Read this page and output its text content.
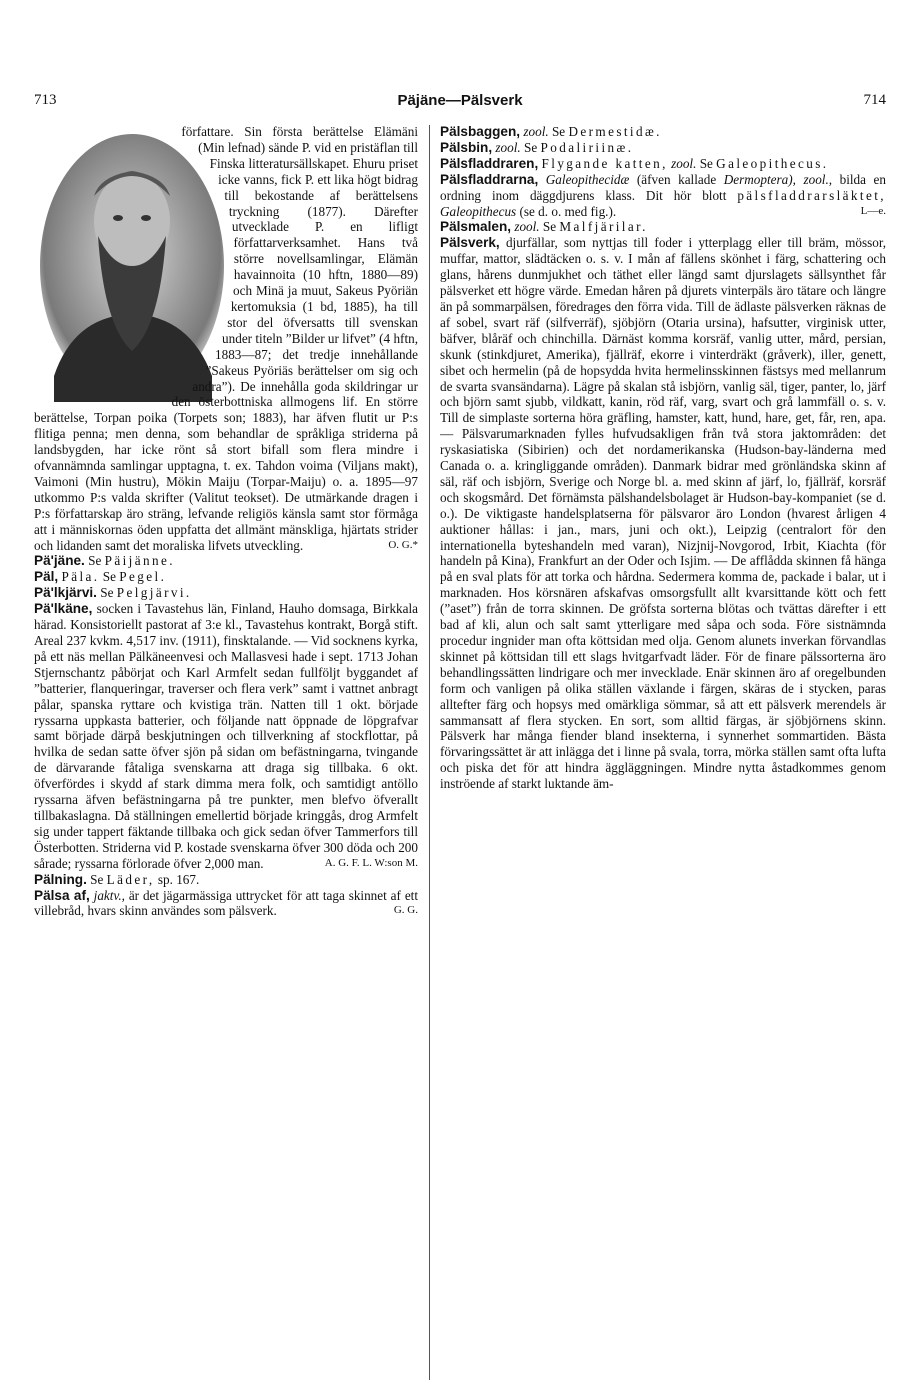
713	Päjäne—Pälsverk	714

författare. Sin första berättelse Elämäni (Min lefnad) sände P. vid en pristäflan till Finska litteratursällskapet. Ehuru priset icke vanns, fick P. ett lika högt bidrag till bekostande af berättelsens tryckning (1877). Därefter utvecklade P. en lifligt författarverksamhet. Hans två större novellsamlingar, Elämän havainnoita (10 hftn, 1880—89) och Minä ja muut, Sakeus Pyöriän kertomuksia (1 bd, 1885), ha till stor del öfversatts till svenskan under titeln ”Bilder ur lifvet” (4 hftn, 1883—87; det tredje innehållande ”Sakeus Pyöriäs berättelser om sig och andra”). De innehålla goda skildringar ur den österbottniska allmogens lif. En större berättelse, Torpan poika (Torpets son; 1883), har äfven flutit ur P:s flitiga penna; men denna, som behandlar de språkliga striderna på landsbygden, har icke rönt så stort bifall som flera mindre i ofvannämnda samlingar upptagna, t. ex. Tahdon voima (Viljans makt), Vaimoni (Min hustru), Mökin Maiju (Torpar-Maiju) o. a. 1895—97 utkommo P:s valda skrifter (Valitut teokset). De utmärkande dragen i P:s författarskap äro sträng, lefvande religiös känsla samt stor förmåga att i människornas öden uppfatta det allmänt mänskliga, hjärtats strider och lidanden samt det moraliska lifvets utveckling.	O. G.*

Pä'jäne. Se Päijänne.

Päl, Päla. Se Pegel.

Pä'lkjärvi. Se Pelgjärvi.

Pä'lkäne, socken i Tavastehus län, Finland, Hauho domsaga, Birkkala härad. Konsistoriellt pastorat af 3:e kl., Tavastehus kontrakt, Borgå stift. Areal 237 kvkm. 4,517 inv. (1911), finsktalande. — Vid socknens kyrka, på ett näs mellan Pälkäneenvesi och Mallasvesi hade i sept. 1713 Johan Stjernschantz påbörjat och Karl Armfelt sedan fullföljt byggandet af ”batterier, flanqueringar, traverser och flera verk” samt i vattnet anbragt pålar, spanska ryttare och kvistiga trän. Natten till 1 okt. började ryssarna uppkasta batterier, och följande natt öppnade de löpgrafvar samt började därpå beskjutningen och tillverkning af stockflottar, på hvilka de sedan satte öfver sjön på sidan om befästningarna, tvingande de därvarande fåtaliga svenskarna att draga sig tillbaka. 6 okt. öfverfördes i skydd af stark dimma mera folk, och samtidigt antöllo ryssarna äfven befästningarna på tre punkter, men blefvo öfverallt tillbakaslagna. Då ställningen emellertid började kringgås, drog Armfelt sig under tappert fäktande tillbaka och gick sedan öfver Tammerfors till Österbotten. Striderna vid P. kostade svenskarna öfver 300 döda och 200 sårade; ryssarna förlorade öfver 2,000 man.	A. G. F. L. W:son M.

Pälning. Se Läder, sp. 167.

Pälsa af, jaktv., är det jägarmässiga uttrycket för att taga skinnet af ett villebråd, hvars skinn användes som pälsverk.	G. G.

Pälsbaggen, zool. Se Dermestidæ.

Pälsbin, zool. Se Podaliriinæ.

Pälsfladdraren, Flygande katten, zool. Se Galeopithecus.

Pälsfladdrarna, Galeopithecidæ (äfven kallade Dermoptera), zool., bilda en ordning inom däggdjurens klass. Dit hör blott pälsfladdrarsläktet, Galeopithecus (se d. o. med fig.).	L—e.

Pälsmalen, zool. Se Malfjärilar.

Pälsverk, djurfällar, som nyttjas till foder i ytterplagg eller till bräm, mössor, muffar, mattor, slädtäcken o. s. v. I mån af fällens skönhet i färg, schattering och glans, hårens dunmjukhet och täthet eller längd samt djurslagets sällsynthet får pälsverket ett högre värde. Emedan håren på djurets vinterpäls äro tätare och längre än på sommarpälsen, föredrages den förra vida. Till de ädlaste pälsverken räknas de af sobel, svart räf (silfverräf), sjöbjörn (Otaria ursina), hafsutter, virginisk utter, bäfver, blåräf och chinchilla. Därnäst komma korsräf, vanlig utter, mård, persian, skunk (stinkdjuret, Amerika), fjällräf, ekorre i vinterdräkt (gråverk), iller, genett, sibet och hermelin (på de hopsydda hvita hermelinsskinnen fästsys med mellanrum de svarta svansändarna). Lägre på skalan stå isbjörn, vanlig säl, tiger, panter, lo, järf och björn samt sjubb, vildkatt, kanin, röd räf, varg, svart och grå lammfäll o. s. v. Till de simplaste sorterna höra gräfling, hamster, katt, hund, hare, get, får, ren, apa. — Pälsvarumarknaden fylles hufvudsakligen från två stora jaktområden: det ryskasiatiska (Sibirien) och det nordamerikanska (Hudson-bay-länderna med Canada o. a. kringliggande områden). Danmark bidrar med grönländska skinn af säl, räf och isbjörn, Sverige och Norge bl. a. med skinn af järf, lo, fjällräf, korsräf och skogsmård. Det förnämsta pälshandelsbolaget är Hudson-bay-kompaniet (se d. o.). De viktigaste handelsplatserna för pälsvaror äro London (hvarest årligen 4 auktioner hållas: i jan., mars, juni och okt.), Leipzig (centralort för den internationella byteshandeln med varan), Nizjnij-Novgorod, Irbit, Kiachta (för handeln på Kina), Frankfurt an der Oder och Isjim. — De afflådda skinnen få hänga på en sval plats för att torka och hårdna. Sedermera komma de, packade i balar, ut i marknaden. Hos körsnären afskafvas omsorgsfullt allt kvarsittande kött och fett (”aset”) från de torra skinnen. De gröfsta sorterna blötas och tvättas därefter i ett bad af kli, alun och salt samt ytterligare med såpa och soda. Före sistnämnda procedur ingnider man ofta köttsidan med olja. Genom alunets inverkan förvandlas skinnet på köttsidan till ett slags hvitgarfvadt läder. För de finare pälssorterna äro behandlingssätten lindrigare och mer invecklade. Enär skinnen äro af oregelbunden form och vanligen på olika ställen växlande i färgen, skäras de i stycken, paras alltefter färg och hopsys med omärkliga sömmar, så att ett pälsverk merendels är sammansatt af flera stycken. En sort, som alltid färgas, är sjöbjörnens skinn. Pälsverk har många fiender bland insekterna, i synnerhet sommartiden. Bästa förvaringssättet är att inlägga det i linne på svala, torra, mörka ställen samt ofta lufta och piska det för att hindra äggläggningen. Mindre nytta åstadkommes genom inströende af starkt luktande äm-
